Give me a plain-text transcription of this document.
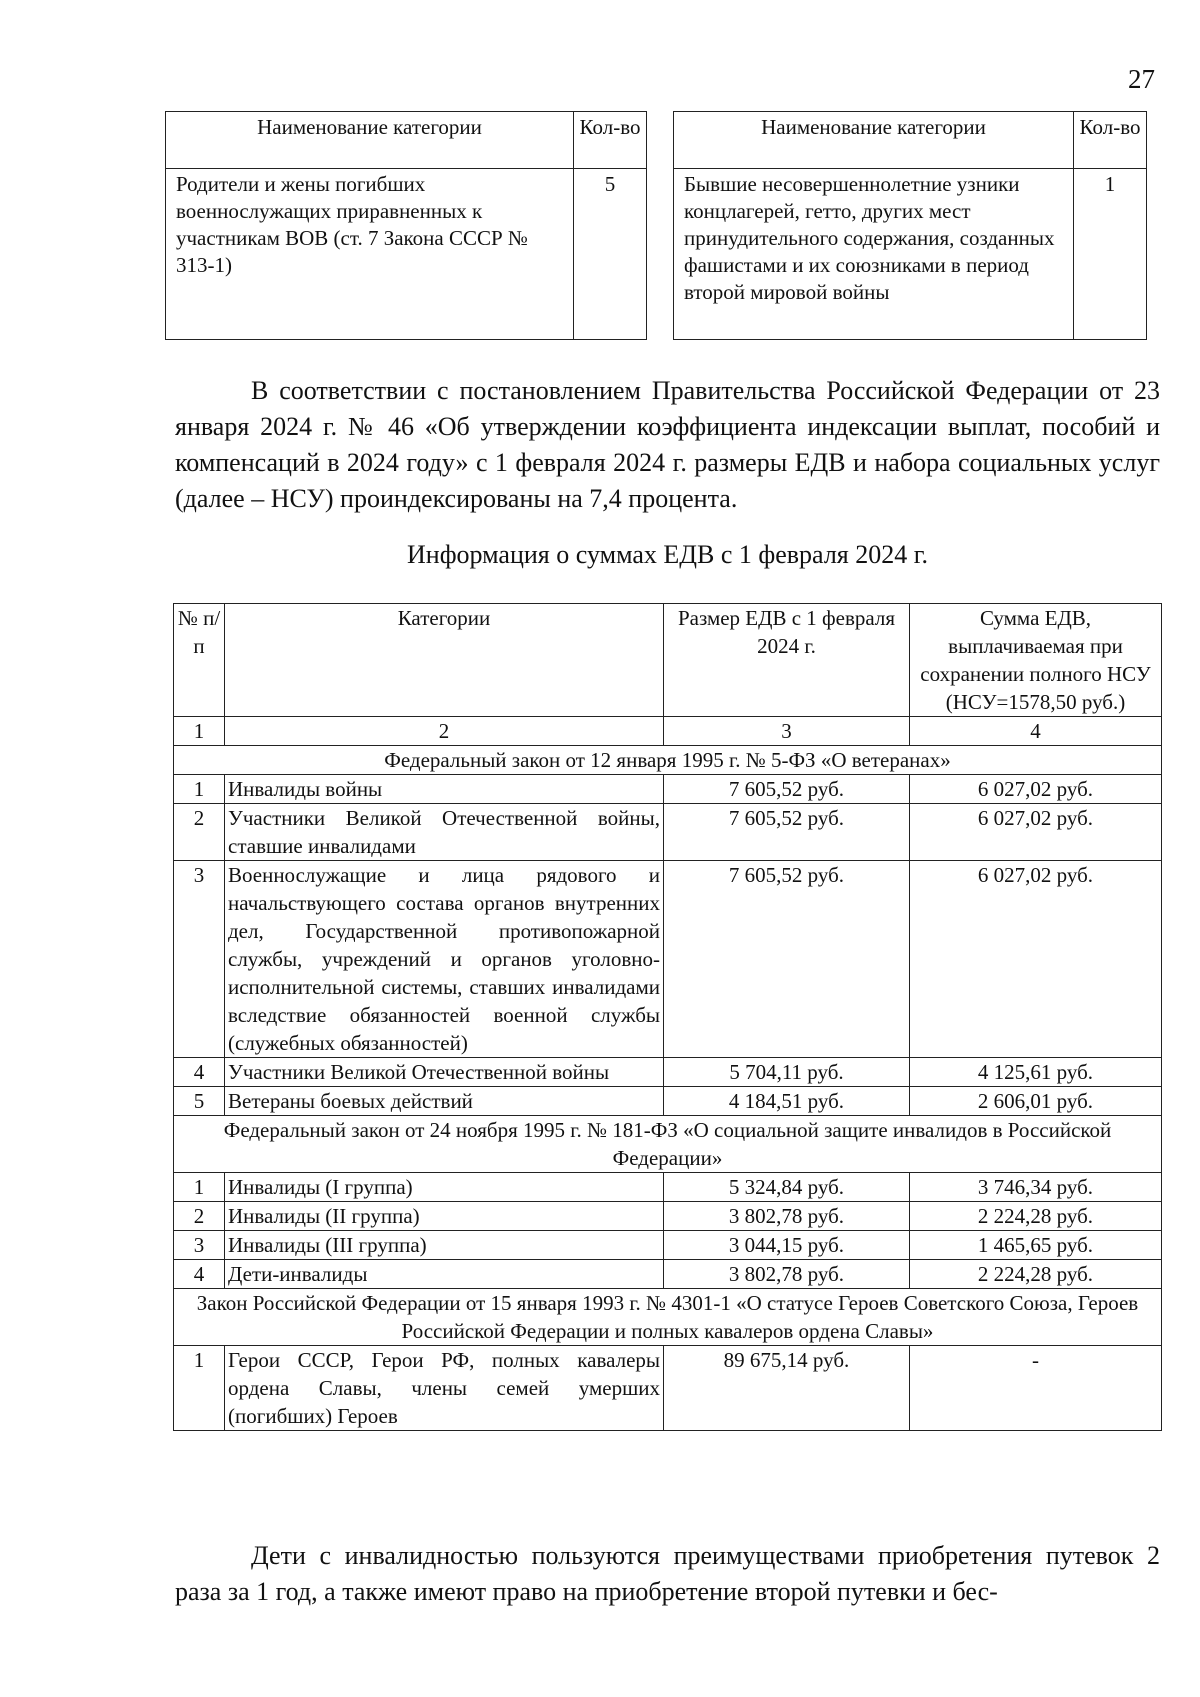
27
Наименование категории	Кол-во
Родители и жены погибших военнослужащих приравненных к участникам ВОВ (ст. 7 Закона СССР № 313-1)	5
Наименование категории	Кол-во
Бывшие несовершеннолетние узники концлагерей, гетто, других мест принудительного содержания, созданных фашистами и их союзниками в период второй мировой войны	1

В соответствии с постановлением Правительства Российской Федерации от 23 января 2024 г. № 46 «Об утверждении коэффициента индексации выплат, пособий и компенсаций в 2024 году» с 1 февраля 2024 г. размеры ЕДВ и набора социальных услуг (далее – НСУ) проиндексированы на 7,4 процента.

Информация о суммах ЕДВ с 1 февраля 2024 г.
№ п/п	Категории	Размер ЕДВ с 1 февраля 2024 г.	Сумма ЕДВ, выплачиваемая при сохранении полного НСУ (НСУ=1578,50 руб.)
1	2	3	4
Федеральный закон от 12 января 1995 г. № 5-ФЗ «О ветеранах»			
1	Инвалиды войны	7 605,52 руб.	6 027,02 руб.
2	Участники Великой Отечественной войны, ставшие инвалидами	7 605,52 руб.	6 027,02 руб.
3	Военнослужащие и лица рядового и начальствующего состава органов внутренних дел, Государственной противопожарной службы, учреждений и органов уголовно-исполнительной системы, ставших инвалидами вследствие обязанностей военной службы (служебных обязанностей)	7 605,52 руб.	6 027,02 руб.
4	Участники Великой Отечественной войны	5 704,11 руб.	4 125,61 руб.
5	Ветераны боевых действий	4 184,51 руб.	2 606,01 руб.
Федеральный закон от 24 ноября 1995 г. № 181-ФЗ «О социальной защите инвалидов в Российской Федерации»			
1	Инвалиды (I группа)	5 324,84 руб.	3 746,34 руб.
2	Инвалиды (II группа)	3 802,78 руб.	2 224,28 руб.
3	Инвалиды (III группа)	3 044,15 руб.	1 465,65 руб.
4	Дети-инвалиды	3 802,78 руб.	2 224,28 руб.
Закон Российской Федерации от 15 января 1993 г. № 4301-1 «О статусе Героев Советского Союза, Героев Российской Федерации и полных кавалеров ордена Славы»			
1	Герои СССР, Герои РФ, полных кавалеры ордена Славы, члены семей умерших (погибших) Героев	89 675,14 руб.	-

Дети с инвалидностью пользуются преимуществами приобретения путевок 2 раза за 1 год, а также имеют право на приобретение второй путевки и бес-
